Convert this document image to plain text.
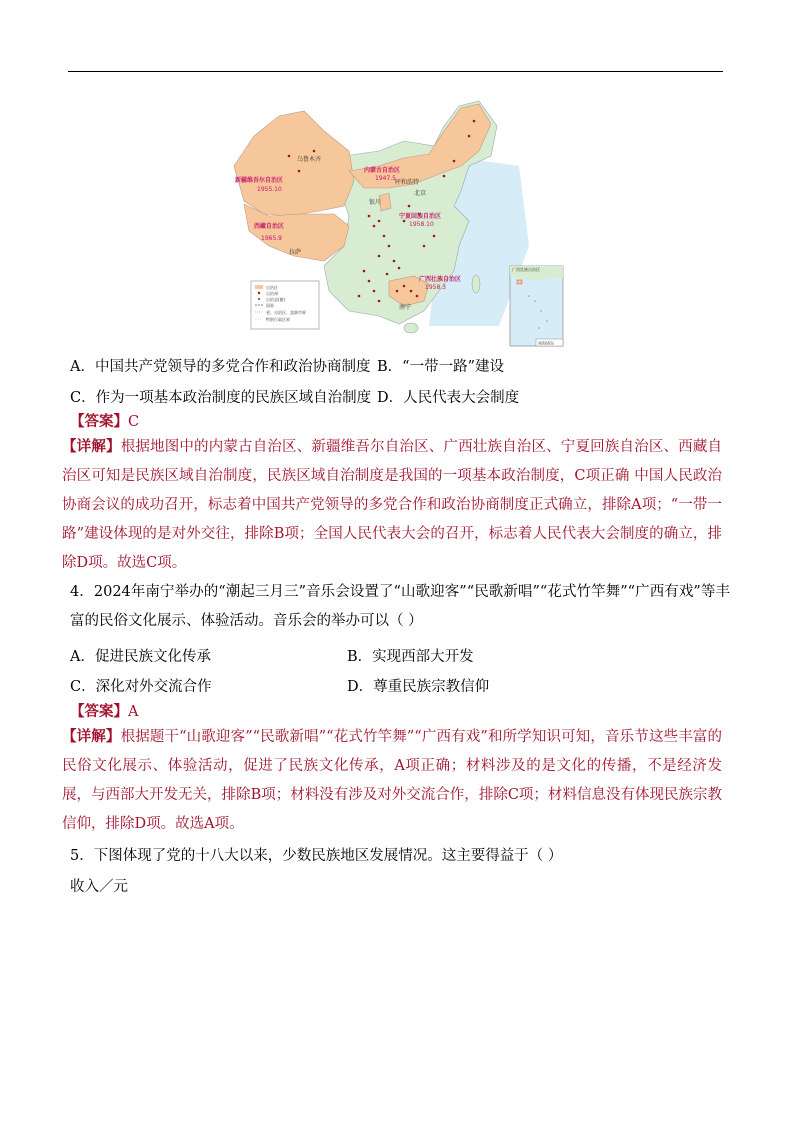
乌鲁木齐
新疆维吾尔自治区
1955.10
内蒙古自治区
1947.5
呼和浩特
北京
银川
宁夏回族自治区
1958.10
西藏自治区
1965.9
拉萨
广西壮族自治区
1958.3
南宁
自治区
自治州
自治县(旗)
国界
省、自治区、直辖市界
特别行政区界
广西壮族自治区
南海诸岛
A．中国共产党领导的多党合作和政治协商制度 B．“一带一路”建设
C．作为一项基本政治制度的民族区域自治制度 D．人民代表大会制度
【答案】C
【详解】根据地图中的内蒙古自治区、新疆维吾尔自治区、广西壮族自治区、宁夏回族自治区、西藏自治区可知是民族区域自治制度，民族区域自治制度是我国的一项基本政治制度，C项正确 中国人民政治协商会议的成功召开，标志着中国共产党领导的多党合作和政治协商制度正式确立，排除A项；“一带一路”建设体现的是对外交往，排除B项；全国人民代表大会的召开，标志着人民代表大会制度的确立，排除D项。故选C项。
4．2024年南宁举办的“潮起三月三”音乐会设置了“山歌迎客”“民歌新唱”“花式竹竿舞”“广西有戏”等丰富的民俗文化展示、体验活动。音乐会的举办可以（ ）
A．促进民族文化传承	B．实现西部大开发
C．深化对外交流合作	D．尊重民族宗教信仰
【答案】A
【详解】根据题干“山歌迎客”“民歌新唱”“花式竹竿舞”“广西有戏”和所学知识可知，音乐节这些丰富的民俗文化展示、体验活动，促进了民族文化传承，A项正确；材料涉及的是文化的传播，不是经济发展，与西部大开发无关，排除B项；材料没有涉及对外交流合作，排除C项；材料信息没有体现民族宗教信仰，排除D项。故选A项。
5．下图体现了党的十八大以来，少数民族地区发展情况。这主要得益于（ ）
收入／元
